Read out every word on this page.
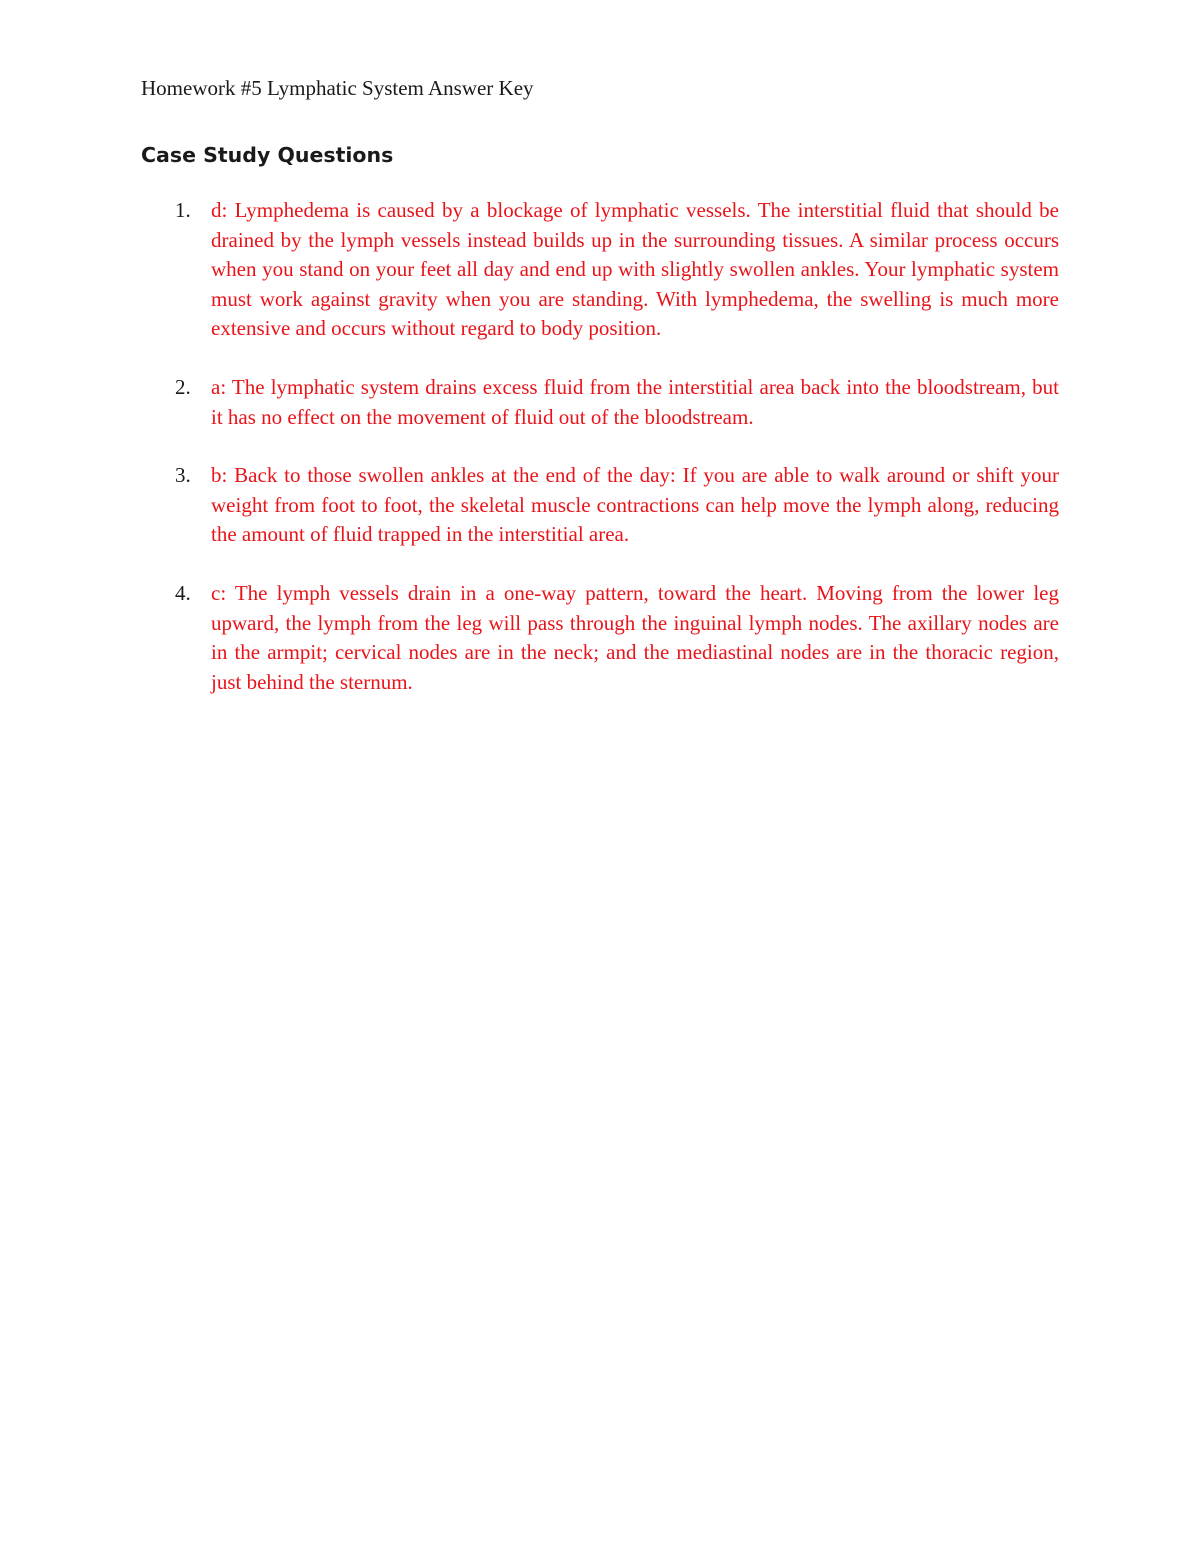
Homework #5 Lymphatic System Answer Key

Case Study Questions
1. d: Lymphedema is caused by a blockage of lymphatic vessels. The interstitial fluid that should be drained by the lymph vessels instead builds up in the surrounding tissues. A similar process occurs when you stand on your feet all day and end up with slightly swollen ankles. Your lymphatic system must work against gravity when you are standing. With lymphedema, the swelling is much more extensive and occurs without regard to body position.
2. a: The lymphatic system drains excess fluid from the interstitial area back into the bloodstream, but it has no effect on the movement of fluid out of the bloodstream.
3. b: Back to those swollen ankles at the end of the day: If you are able to walk around or shift your weight from foot to foot, the skeletal muscle contractions can help move the lymph along, reducing the amount of fluid trapped in the interstitial area.
4. c: The lymph vessels drain in a one-way pattern, toward the heart. Moving from the lower leg upward, the lymph from the leg will pass through the inguinal lymph nodes. The axillary nodes are in the armpit; cervical nodes are in the neck; and the mediastinal nodes are in the thoracic region, just behind the sternum.
